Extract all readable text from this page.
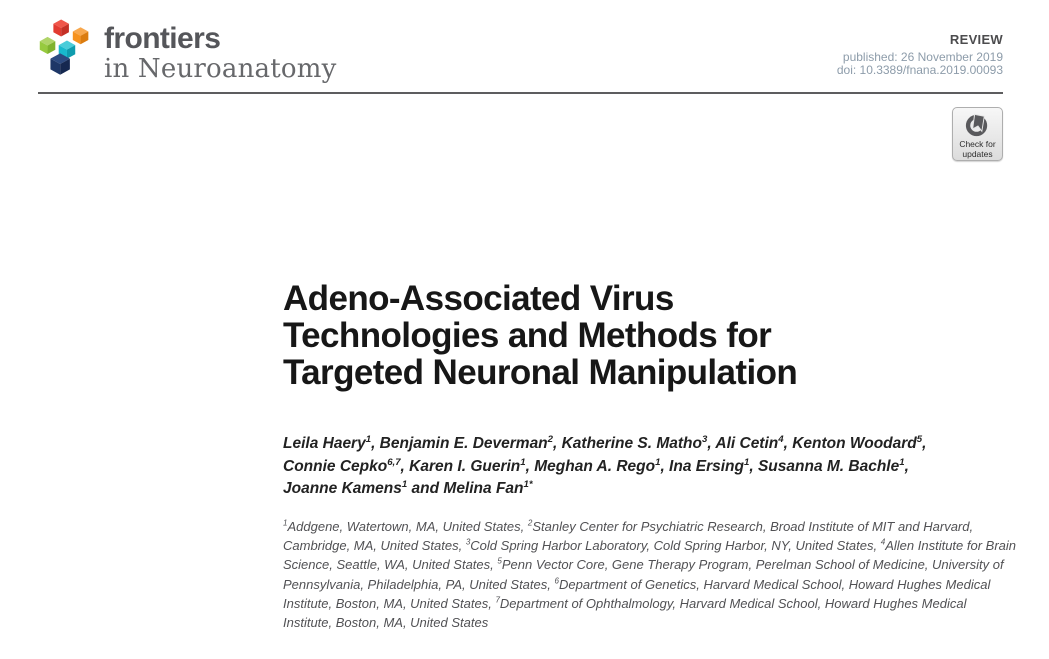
frontiers
in Neuroanatomy
REVIEW
published: 26 November 2019
doi: 10.3389/fnana.2019.00093
Check for
updates
Adeno-Associated Virus
Technologies and Methods for
Targeted Neuronal Manipulation
Leila Haery$^1$, Benjamin E. Deverman$^2$, Katherine S. Matho$^3$, Ali Cetin$^4$, Kenton Woodard$^5$,
Connie Cepko$^{6,7}$, Karen I. Guerin$^1$, Meghan A. Rego$^1$, Ina Ersing$^1$, Susanna M. Bachle$^1$,
Joanne Kamens$^1$ and Melina Fan$^{1*}$

$^1$Addgene, Watertown, MA, United States, $^2$Stanley Center for Psychiatric Research, Broad Institute of MIT and Harvard, Cambridge, MA, United States, $^3$Cold Spring Harbor Laboratory, Cold Spring Harbor, NY, United States, $^4$Allen Institute for Brain Science, Seattle, WA, United States, $^5$Penn Vector Core, Gene Therapy Program, Perelman School of Medicine, University of Pennsylvania, Philadelphia, PA, United States, $^6$Department of Genetics, Harvard Medical School, Howard Hughes Medical Institute, Boston, MA, United States, $^7$Department of Ophthalmology, Harvard Medical School, Howard Hughes Medical Institute, Boston, MA, United States
